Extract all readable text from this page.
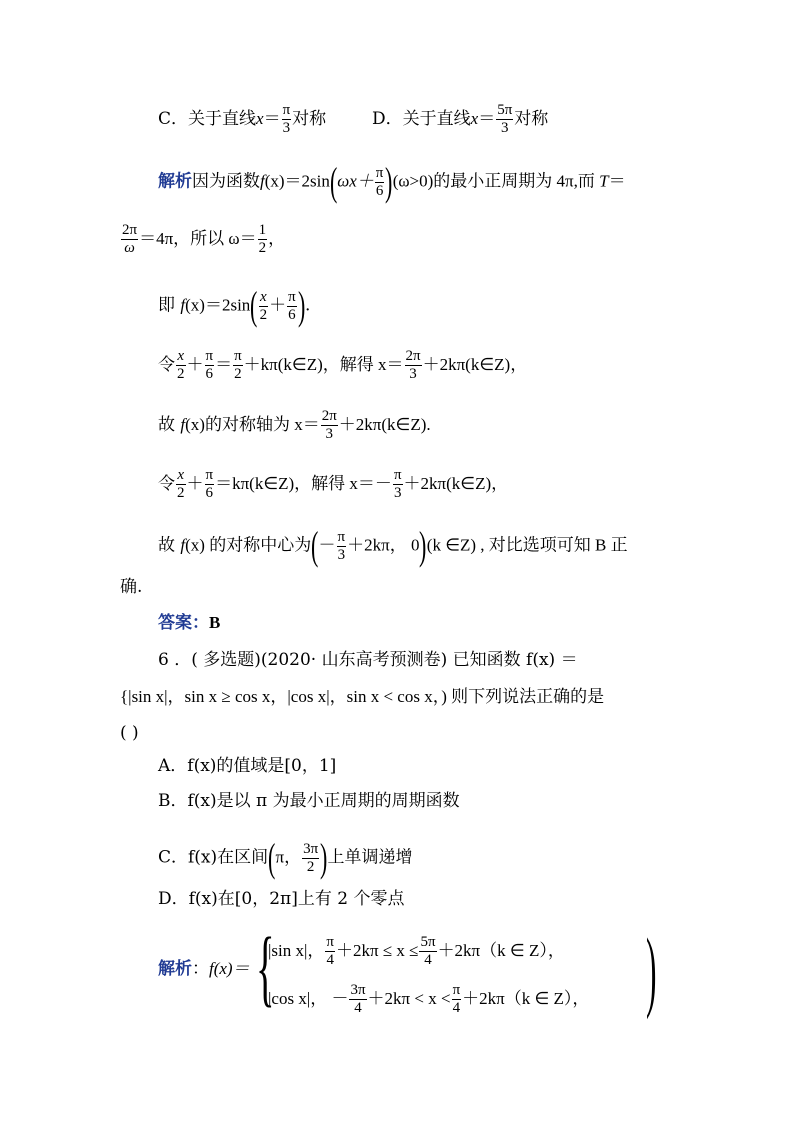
C．关于直线$x= \frac{\pi}{3}$ 对称	D．关于直线$x= \frac{5\pi}{3}$ 对称
解析因为函数$f(x)=2\sin(\omega x+ \frac{\pi}{6} )(\omega>0)$的最小正周期为 4π,而 T＝
$\frac{2\pi}{\omega} =4\pi$，所以 $\omega= \frac{1}{2}$ ，
即 $f(x)=2\sin( \frac{x}{2} + \frac{\pi}{6}$ ).
令 $\frac{x}{2} + \frac{\pi}{6} = \frac{\pi}{2}$ ＋kπ(k∈Z)，解得 $x= \frac{2\pi}{3}$ ＋2kπ(k∈Z)，
故 f(x)的对称轴为 $x= \frac{2\pi}{3}$ ＋2kπ(k∈Z).
令 $\frac{x}{2} + \frac{\pi}{6}$ ＝kπ(k∈Z)，解得 $x=- \frac{\pi}{3}$ ＋2kπ(k∈Z)，
故 f(x) 的对称中心为(－ $\frac{\pi}{3} +2k\pi$， 0)(k ∈Z) , 对比选项可知 B 正
确.
答案：B
6 ．( 多选题)(2020· 山东高考预测卷) 已知函数 f(x) ＝
{|sin x|，sin x ≥ cos x，|cos x|，sin x < cos x，) 则下列说法正确的是
( )
A．f(x)的值域是[0，1]
B．f(x)是以 π 为最小正周期的周期函数
C．f(x)在区间(π， $\frac{3\pi}{2}$ )上单调递增
D．f(x)在[0，2π]上有 2 个零点
解析：f(x)＝ {
|sin x|， $\frac{\pi}{4} +2k\pi \le x \le \frac{5\pi}{4} +2k\pi(k$ ∈ Z），
|cos x|， － $\frac{3\pi}{4} +2k\pi < x < \frac{\pi}{4} +2k\pi(k$ ∈ Z）， )
